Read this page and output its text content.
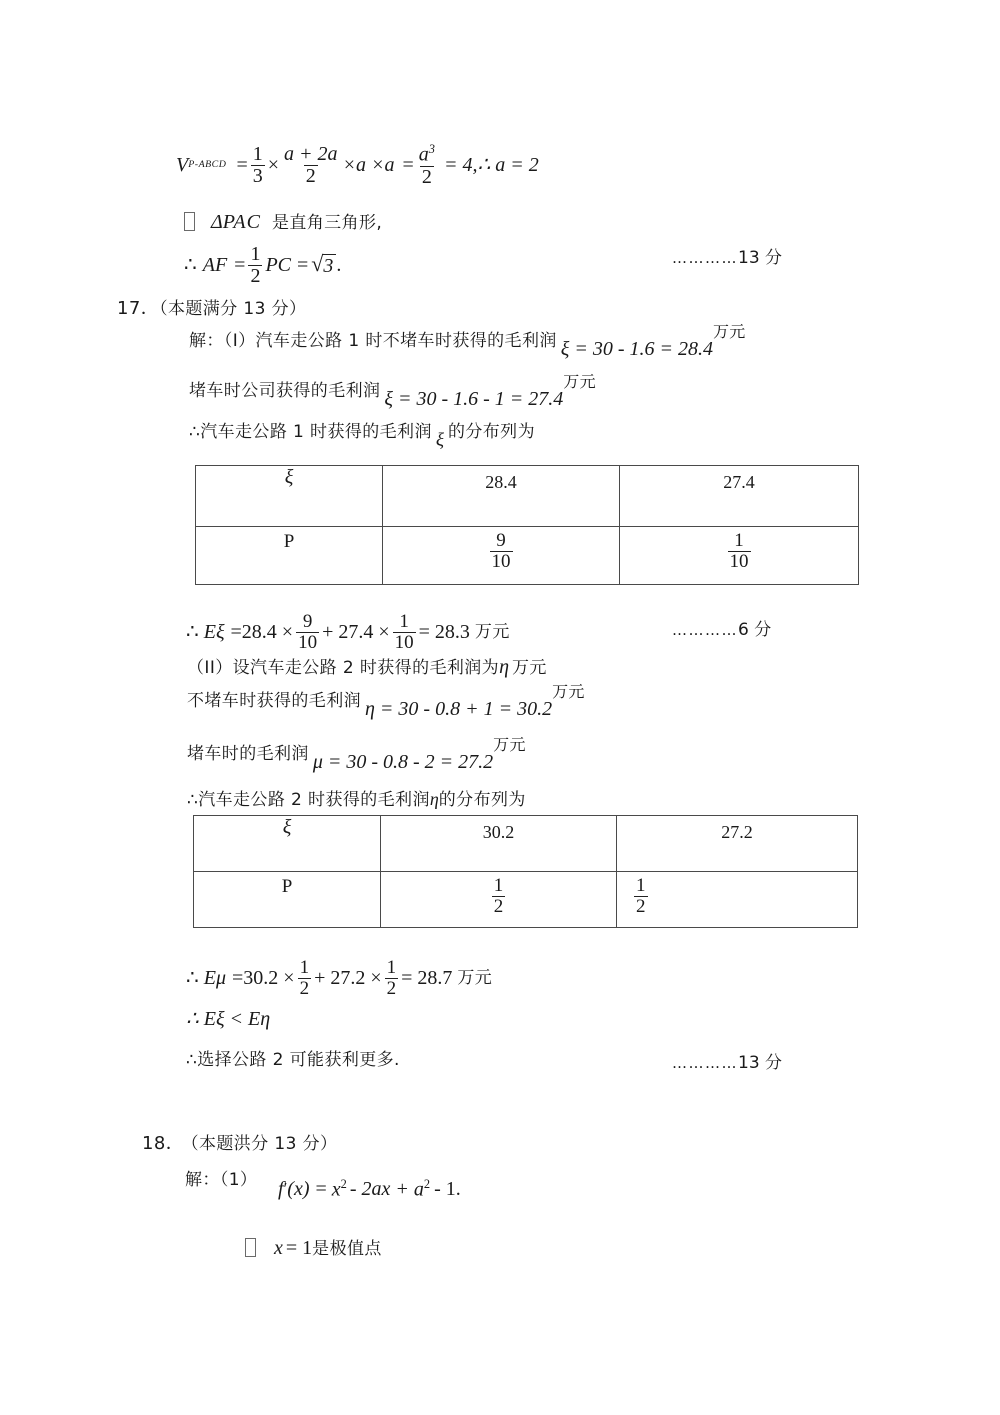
V P-ABCD = $\frac{1}{3} \times \frac{a + 2a}{2} \times a \times a = \frac{a^3}{2}$ = 4,∴ a = 2
ΔPAC 是直角三角形,
∴ AF = $\frac{1}{2}$ PC = √ 3 .	…………13 分
17．（本题满分 13 分）
解：（I）汽车走公路 1 时不堵车时获得的毛利润 ξ = 30 - 1.6 = 28.4万元
堵车时公司获得的毛利润 ξ = 30 - 1.6 - 1 = 27.4万元
∴汽车走公路 1 时获得的毛利润 ξ 的分布列为
ξ	28.4	27.4

P	$\frac{9}{10}$	$\frac{1}{10}$
∴ $E\xi = 28.4 \times \frac{9}{10} + 27.4 \times \frac{1}{10} = 28.3$ 万元	…………6 分
（II）设汽车走公路 2 时获得的毛利润为η 万元
不堵车时获得的毛利润 η = 30 - 0.8 + 1 = 30.2万元
堵车时的毛利润 μ = 30 - 0.8 - 2 = 27.2万元
∴汽车走公路 2 时获得的毛利润η的分布列为
ξ	30.2	27.2

P	$\frac{1}{2}$	$\frac{1}{2}$
∴ $E\mu = 30.2 \times \frac{1}{2} + 27.2 \times \frac{1}{2} = 28.7$ 万元
∴ Eξ < Eη
∴选择公路 2 可能获利更多.	…………13 分
18． （本题洪分 13 分）
解：（1） f ′ $(x) = x^2 - 2ax + a^2 - 1$.
x = 1是极值点
